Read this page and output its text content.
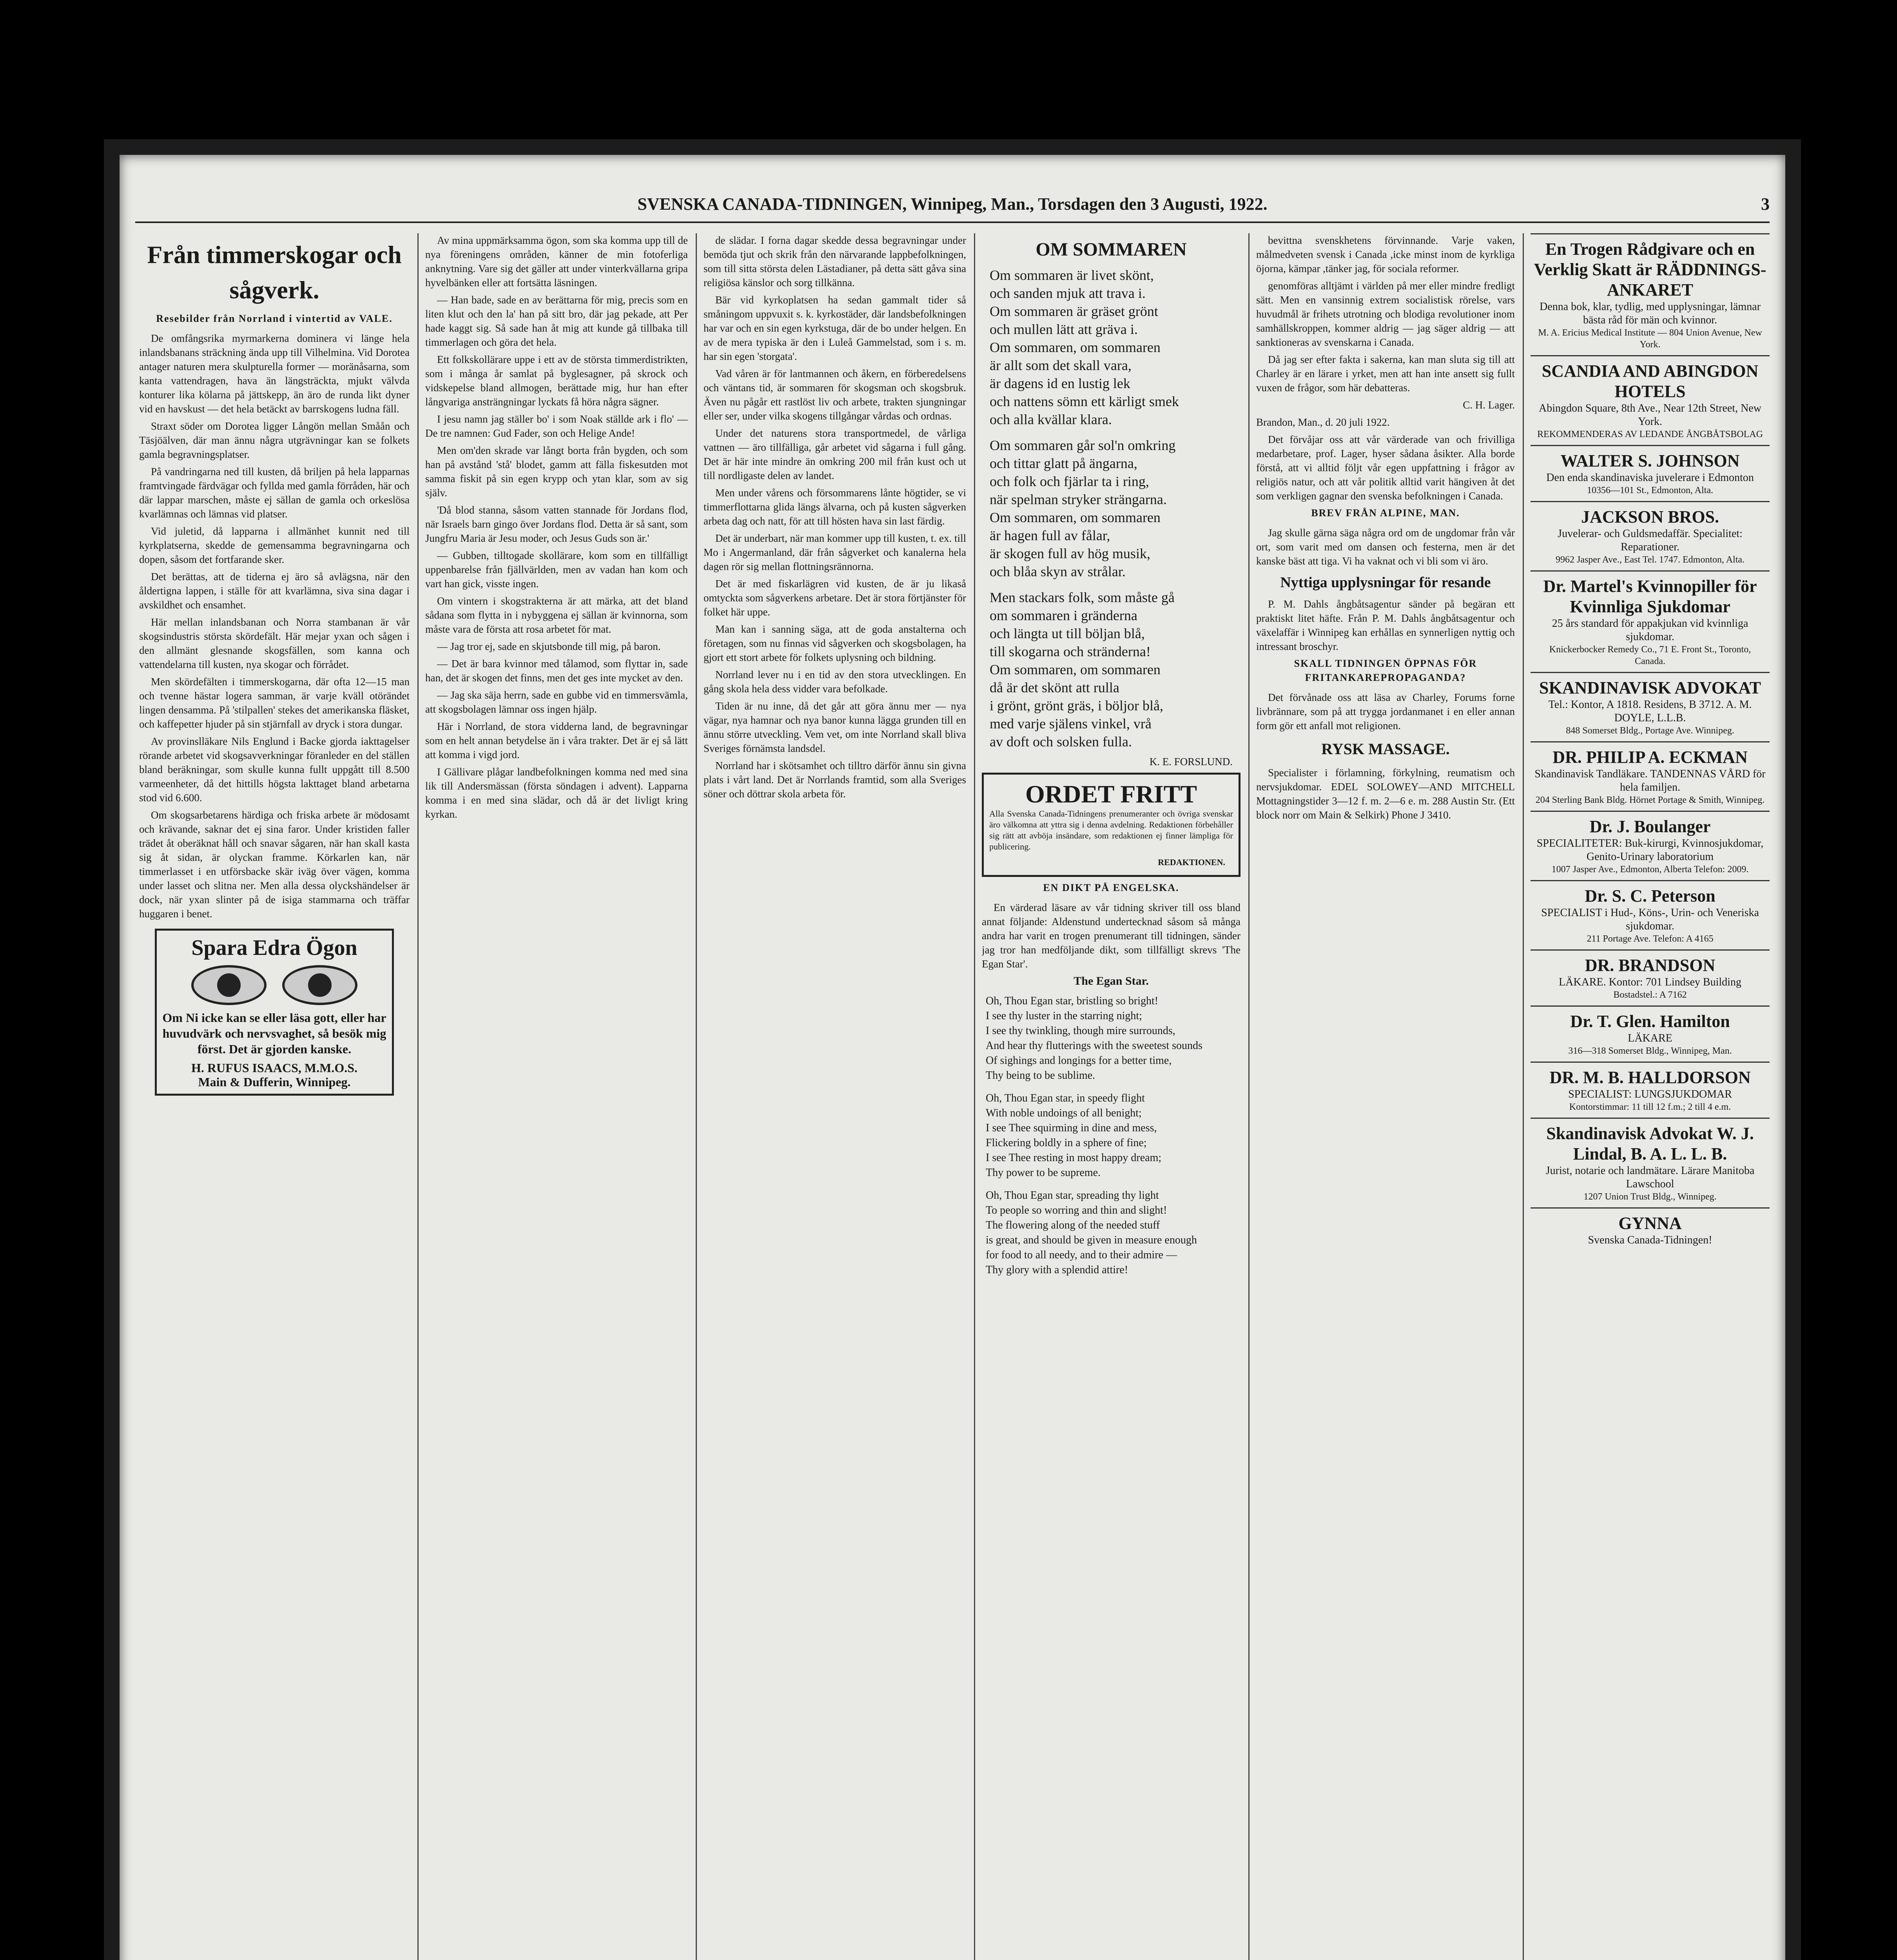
SVENSKA CANADA-TIDNINGEN, Winnipeg, Man., Torsdagen den 3 Augusti, 1922.	3
Från timmerskogar och sågverk.
Resebilder från Norrland i vintertid av VALE.

De omfångsrika myrmarkerna dominera vi länge hela inlandsbanans sträckning ända upp till Vilhelmina. Vid Dorotea antager naturen mera skulpturella former — moränåsarna, som kanta vattendragen, hava än längsträckta, mjukt välvda konturer lika kölarna på jättskepp, än äro de runda likt dyner vid en havskust — det hela betäckt av barrskogens ludna fäll.

Straxt söder om Dorotea ligger Långön mellan Småån och Täsjöälven, där man ännu några utgrävningar kan se folkets gamla begravningsplatser.

På vandringarna ned till kusten, då briljen på hela lapparnas framtvingade färdvägar och fyllda med gamla förråden, här och där lappar marschen, måste ej sällan de gamla och orkeslösa kvarlämnas och lämnas vid platser.

Vid juletid, då lapparna i allmänhet kunnit ned till kyrkplatserna, skedde de gemensamma begravningarna och dopen, såsom det fortfarande sker.

Det berättas, att de tiderna ej äro så avlägsna, när den åldertigna lappen, i ställe för att kvarlämna, siva sina dagar i avskildhet och ensamhet.

Här mellan inlandsbanan och Norra stambanan är vår skogsindustris största skördefält. Här mejar yxan och sågen i den allmänt glesnande skogsfällen, som kanna och vattendelarna till kusten, nya skogar och förrådet.

Men skördefälten i timmerskogarna, där ofta 12—15 man och tvenne hästar logera samman, är varje kväll otörändet lingen densamma. På 'stilpallen' stekes det amerikanska fläsket, och kaffepetter hjuder på sin stjärnfall av dryck i stora dungar.

Av provinslläkare Nils Englund i Backe gjorda iakttagelser rörande arbetet vid skogsavverkningar föranleder en del ställen bland beräkningar, som skulle kunna fullt uppgått till 8.500 varmeenheter, då det hittills högsta lakttaget bland arbetarna stod vid 6.600.

Om skogsarbetarens härdiga och friska arbete är mödosamt och krävande, saknar det ej sina faror. Under kristiden faller trädet åt oberäknat håll och snavar sågaren, när han skall kasta sig åt sidan, är olyckan framme. Körkarlen kan, när timmerlasset i en utförsbacke skär iväg över vägen, komma under lasset och slitna ner. Men alla dessa olyckshändelser är dock, när yxan slinter på de isiga stammarna och träffar huggaren i benet.

Spara Edra Ögon
Om Ni icke kan se eller läsa gott, eller har huvudvärk och nervsvaghet, så besök mig först. Det är gjorden kanske.
H. RUFUS ISAACS, M.M.O.S.
Main & Dufferin, Winnipeg.

Av mina uppmärksamma ögon, som ska komma upp till de nya föreningens områden, känner de min fotoferliga anknytning. Vare sig det gäller att under vinterkvällarna gripa hyvelbänken eller att fortsätta läsningen.

— Han bade, sade en av berättarna för mig, precis som en liten klut och den la' han på sitt bro, där jag pekade, att Per hade kaggt sig. Så sade han åt mig att kunde gå tillbaka till timmerlagen och göra det hela.

Ett folkskollärare uppe i ett av de största timmerdistrikten, som i många år samlat på byglesagner, på skrock och vidskepelse bland allmogen, berättade mig, hur han efter långvariga ansträngningar lyckats få höra några sägner.

I jesu namn jag ställer bo' i som Noak ställde ark i flo' — De tre namnen: Gud Fader, son och Helige Ande!

Men om'den skrade var långt borta från bygden, och som han på avstånd 'stå' blodet, gamm att fälla fiskesutden mot samma fiskit på sin egen krypp och ytan klar, som av sig själv.

'Då blod stanna, såsom vatten stannade för Jordans flod, när Israels barn gingo över Jordans flod. Detta är så sant, som Jungfru Maria är Jesu moder, och Jesus Guds son är.'

— Gubben, tilltogade skollärare, kom som en tillfälligt uppenbarelse från fjällvärlden, men av vadan han kom och vart han gick, visste ingen.

Om vintern i skogstrakterna är att märka, att det bland sådana som flytta in i nybyggena ej sällan är kvinnorna, som måste vara de första att rosa arbetet för mat.

— Jag tror ej, sade en skjutsbonde till mig, på baron.

— Det är bara kvinnor med tålamod, som flyttar in, sade han, det är skogen det finns, men det ges inte mycket av den.

— Jag ska säja herrn, sade en gubbe vid en timmersvämla, att skogsbolagen lämnar oss ingen hjälp.

Här i Norrland, de stora vidderna land, de begravningar som en helt annan betydelse än i våra trakter. Det är ej så lätt att komma i vigd jord.

I Gällivare plågar landbefolkningen komma ned med sina lik till Andersmässan (första söndagen i advent). Lapparna komma i en med sina slädar, och då är det livligt kring kyrkan.

de slädar. I forna dagar skedde dessa begravningar under bemöda tjut och skrik från den närvarande lappbefolkningen, som till sitta största delen Lästadianer, på detta sätt gåva sina religiösa känslor och sorg tillkänna.

Bär vid kyrkoplatsen ha sedan gammalt tider så småningom uppvuxit s. k. kyrkostäder, där landsbefolkningen har var och en sin egen kyrkstuga, där de bo under helgen. En av de mera typiska är den i Luleå Gammelstad, som i s. m. har sin egen 'storgata'.

Vad våren är för lantmannen och åkern, en förberedelsens och väntans tid, är sommaren för skogsman och skogsbruk. Även nu pågår ett rastlöst liv och arbete, trakten sjungningar eller ser, under vilka skogens tillgångar vårdas och ordnas.

Under det naturens stora transportmedel, de vårliga vattnen — äro tillfälliga, går arbetet vid sågarna i full gång. Det är här inte mindre än omkring 200 mil från kust och ut till nordligaste delen av landet.

Men under vårens och försommarens lånte högtider, se vi timmerflottarna glida längs älvarna, och på kusten sågverken arbeta dag och natt, för att till hösten hava sin last färdig.

Det är underbart, när man kommer upp till kusten, t. ex. till Mo i Angermanland, där från sågverket och kanalerna hela dagen rör sig mellan flottningsrännorna.

Det är med fiskarlägren vid kusten, de är ju likaså omtyckta som sågverkens arbetare. Det är stora förtjänster för folket här uppe.

Man kan i sanning säga, att de goda anstalterna och företagen, som nu finnas vid sågverken och skogsbolagen, ha gjort ett stort arbete för folkets uplysning och bildning.

Norrland lever nu i en tid av den stora utvecklingen. En gång skola hela dess vidder vara befolkade.

Tiden är nu inne, då det går att göra ännu mer — nya vägar, nya hamnar och nya banor kunna lägga grunden till en ännu större utveckling. Vem vet, om inte Norrland skall bliva Sveriges förnämsta landsdel.

Norrland har i skötsamhet och tilltro därför ännu sin givna plats i vårt land. Det är Norrlands framtid, som alla Sveriges söner och döttrar skola arbeta för.

OM SOMMAREN
Om sommaren är livet skönt,
och sanden mjuk att trava i.
Om sommaren är gräset grönt
och mullen lätt att gräva i.
Om sommaren, om sommaren
är allt som det skall vara,
är dagens id en lustig lek
och nattens sömn ett kärligt smek
och alla kvällar klara.
Om sommaren går sol'n omkring
och tittar glatt på ängarna,
och folk och fjärlar ta i ring,
när spelman stryker strängarna.
Om sommaren, om sommaren
är hagen full av fålar,
är skogen full av hög musik,
och blåa skyn av strålar.
Men stackars folk, som måste gå
om sommaren i gränderna
och längta ut till böljan blå,
till skogarna och stränderna!
Om sommaren, om sommaren
då är det skönt att rulla
i grönt, grönt gräs, i böljor blå,
med varje själens vinkel, vrå
av doft och solsken fulla.
K. E. FORSLUND.
ORDET FRITT

Alla Svenska Canada-Tidningens prenumeranter och övriga svenskar äro välkomna att yttra sig i denna avdelning. Redaktionen förbehåller sig rätt att avböja insändare, som redaktionen ej finner lämpliga för publicering.

REDAKTIONEN.
EN DIKT PÅ ENGELSKA.

En värderad läsare av vår tidning skriver till oss bland annat följande: Aldenstund undertecknad såsom så många andra har varit en trogen prenumerant till tidningen, sänder jag tror han medföljande dikt, som tillfälligt skrevs 'The Egan Star'.

The Egan Star.
Oh, Thou Egan star, bristling so bright!
I see thy luster in the starring night;
I see thy twinkling, though mire surrounds,
And hear thy flutterings with the sweetest sounds
Of sighings and longings for a better time,
Thy being to be sublime.
Oh, Thou Egan star, in speedy flight
With noble undoings of all benight;
I see Thee squirming in dine and mess,
Flickering boldly in a sphere of fine;
I see Thee resting in most happy dream;
Thy power to be supreme.
Oh, Thou Egan star, spreading thy light
To people so worring and thin and slight!
The flowering along of the needed stuff
is great, and should be given in measure enough
for food to all needy, and to their admire —
Thy glory with a splendid attire!

bevittna svenskhetens förvinnande. Varje vaken, målmedveten svensk i Canada ,icke minst inom de kyrkliga öjorna, kämpar ,tänker jag, för sociala reformer.

genomföras alltjämt i världen på mer eller mindre fredligt sätt. Men en vansinnig extrem socialistisk rörelse, vars huvudmål är frihets utrotning och blodiga revolutioner inom samhällskroppen, kommer aldrig — jag säger aldrig — att sanktioneras av svenskarna i Canada.

Då jag ser efter fakta i sakerna, kan man sluta sig till att Charley är en lärare i yrket, men att han inte ansett sig fullt vuxen de frågor, som här debatteras.

C. H. Lager.

Brandon, Man., d. 20 juli 1922.

Det förvåjar oss att vår värderade van och frivilliga medarbetare, prof. Lager, hyser sådana åsikter. Alla borde förstå, att vi alltid följt vår egen uppfattning i frågor av religiös natur, och att vår politik alltid varit hängiven åt det som verkligen gagnar den svenska befolkningen i Canada.

BREV FRÅN ALPINE, MAN.

Jag skulle gärna säga några ord om de ungdomar från vår ort, som varit med om dansen och festerna, men är det kanske bäst att tiga. Vi ha vaknat och vi bli som vi äro.

Nyttiga upplysningar för resande

P. M. Dahls ångbåtsagentur sänder på begäran ett praktiskt litet häfte. Från P. M. Dahls ångbåtsagentur och växelaffär i Winnipeg kan erhållas en synnerligen nyttig och intressant broschyr.

SKALL TIDNINGEN ÖPPNAS FÖR FRITANKAREPROPAGANDA?

Det förvånade oss att läsa av Charley, Forums forne livbrännare, som på att trygga jordanmanet i en eller annan form gör ett anfall mot religionen.

RYSK MASSAGE.

Specialister i förlamning, förkylning, reumatism och nervsjukdomar. EDEL SOLOWEY—AND MITCHELL Mottagningstider 3—12 f. m. 2—6 e. m. 288 Austin Str. (Ett block norr om Main & Selkirk) Phone J 3410.

En Trogen Rådgivare och en Verklig Skatt är RÄDDNINGS-ANKARET
Denna bok, klar, tydlig, med upplysningar, lämnar bästa råd för män och kvinnor.
M. A. Ericius Medical Institute — 804 Union Avenue, New York.
SCANDIA AND ABINGDON HOTELS
Abingdon Square, 8th Ave., Near 12th Street, New York.
REKOMMENDERAS AV LEDANDE ÅNGBÅTSBOLAG
WALTER S. JOHNSON
Den enda skandinaviska juvelerare i Edmonton
10356—101 St., Edmonton, Alta.
JACKSON BROS.
Juvelerar- och Guldsmedaffär. Specialitet: Reparationer.
9962 Jasper Ave., East Tel. 1747. Edmonton, Alta.
Dr. Martel's Kvinnopiller för Kvinnliga Sjukdomar
25 års standard för appakjukan vid kvinnliga sjukdomar.
Knickerbocker Remedy Co., 71 E. Front St., Toronto, Canada.
SKANDINAVISK ADVOKAT
Tel.: Kontor, A 1818. Residens, B 3712. A. M. DOYLE, L.L.B.
848 Somerset Bldg., Portage Ave. Winnipeg.
DR. PHILIP A. ECKMAN
Skandinavisk Tandläkare. TANDENNAS VÅRD för hela familjen.
204 Sterling Bank Bldg. Hörnet Portage & Smith, Winnipeg.
Dr. J. Boulanger
SPECIALITETER: Buk-kirurgi, Kvinnosjukdomar, Genito-Urinary laboratorium
1007 Jasper Ave., Edmonton, Alberta Telefon: 2009.
Dr. S. C. Peterson
SPECIALIST i Hud-, Köns-, Urin- och Veneriska sjukdomar.
211 Portage Ave. Telefon: A 4165
DR. BRANDSON
LÄKARE. Kontor: 701 Lindsey Building
Bostadstel.: A 7162
Dr. T. Glen. Hamilton
LÄKARE
316—318 Somerset Bldg., Winnipeg, Man.
DR. M. B. HALLDORSON
SPECIALIST: LUNGSJUKDOMAR
Kontorstimmar: 11 till 12 f.m.; 2 till 4 e.m.
Skandinavisk Advokat W. J. Lindal, B. A. L. L. B.
Jurist, notarie och landmätare. Lärare Manitoba Lawschool
1207 Union Trust Bldg., Winnipeg.
GYNNA
Svenska Canada-Tidningen!
